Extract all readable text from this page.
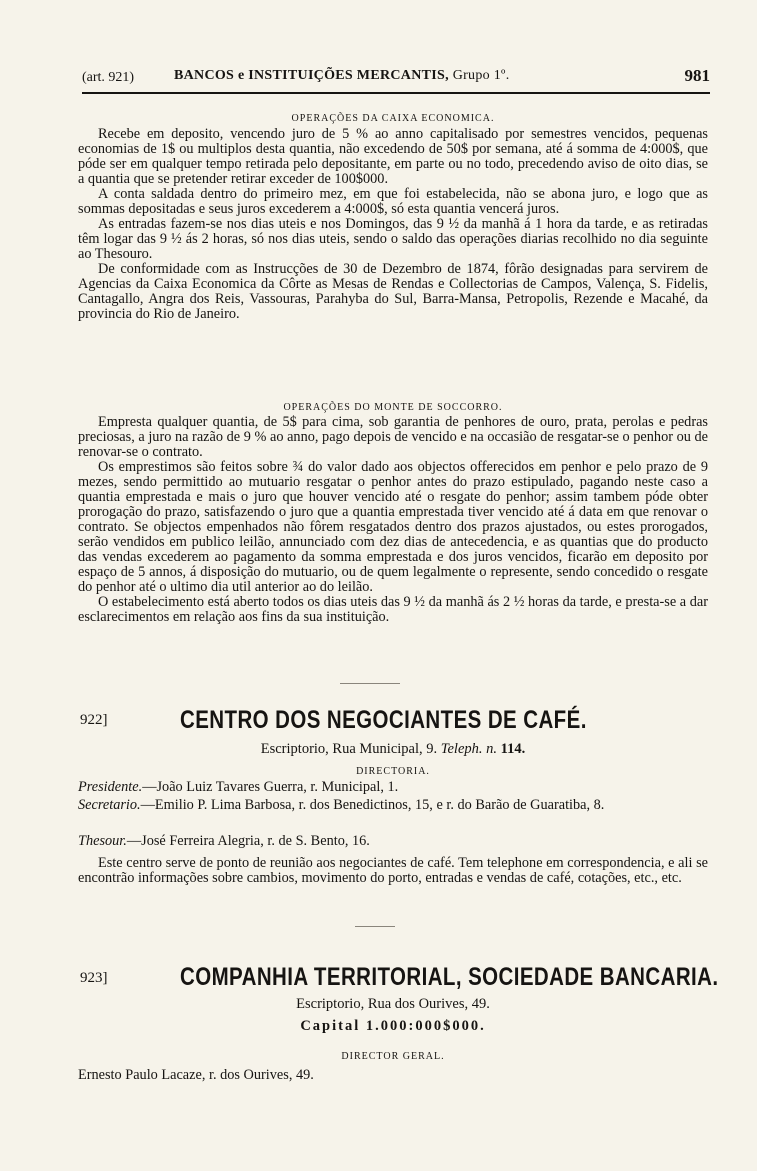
(art. 921)	BANCOS e INSTITUIÇÕES MERCANTIS, Grupo 1º.	981
OPERAÇÕES DA CAIXA ECONOMICA.

Recebe em deposito, vencendo juro de 5 % ao anno capitalisado por semestres vencidos, pequenas economias de 1$ ou multiplos desta quantia, não excedendo de 50$ por semana, até á somma de 4:000$, que póde ser em qualquer tempo retirada pelo depositante, em parte ou no todo, precedendo aviso de oito dias, se a quantia que se pretender retirar exceder de 100$000.

A conta saldada dentro do primeiro mez, em que foi estabelecida, não se abona juro, e logo que as sommas depositadas e seus juros excederem a 4:000$, só esta quantia vencerá juros.

As entradas fazem-se nos dias uteis e nos Domingos, das 9 ½ da manhã á 1 hora da tarde, e as retiradas têm logar das 9 ½ ás 2 horas, só nos dias uteis, sendo o saldo das operações diarias recolhido no dia seguinte ao Thesouro.

De conformidade com as Instrucções de 30 de Dezembro de 1874, fôrão designadas para servirem de Agencias da Caixa Economica da Côrte as Mesas de Rendas e Collectorias de Campos, Valença, S. Fidelis, Cantagallo, Angra dos Reis, Vassouras, Parahyba do Sul, Barra-Mansa, Petropolis, Rezende e Macahé, da provincia do Rio de Janeiro.

OPERAÇÕES DO MONTE DE SOCCORRO.

Empresta qualquer quantia, de 5$ para cima, sob garantia de penhores de ouro, prata, perolas e pedras preciosas, a juro na razão de 9 % ao anno, pago depois de vencido e na occasião de resgatar-se o penhor ou de renovar-se o contrato.

Os emprestimos são feitos sobre ¾ do valor dado aos objectos offerecidos em penhor e pelo prazo de 9 mezes, sendo permittido ao mutuario resgatar o penhor antes do prazo estipulado, pagando neste caso a quantia emprestada e mais o juro que houver vencido até o resgate do penhor; assim tambem póde obter prorogação do prazo, satisfazendo o juro que a quantia emprestada tiver vencido até á data em que renovar o contrato. Se objectos empenhados não fôrem resgatados dentro dos prazos ajustados, ou estes prorogados, serão vendidos em publico leilão, annunciado com dez dias de antecedencia, e as quantias que do producto das vendas excederem ao pagamento da somma emprestada e dos juros vencidos, ficarão em deposito por espaço de 5 annos, á disposição do mutuario, ou de quem legalmente o represente, sendo concedido o resgate do penhor até o ultimo dia util anterior ao do leilão.

O estabelecimento está aberto todos os dias uteis das 9 ½ da manhã ás 2 ½ horas da tarde, e presta-se a dar esclarecimentos em relação aos fins da sua instituição.

922]	CENTRO DOS NEGOCIANTES DE CAFÉ.
Escriptorio, Rua Municipal, 9. Teleph. n. 114.
DIRECTORIA.
Presidente.—João Luiz Tavares Guerra, r. Municipal, 1.
Secretario.—Emilio P. Lima Barbosa, r. dos Benedictinos, 15, e r. do Barão de Guaratiba, 8.
Thesour.—José Ferreira Alegria, r. de S. Bento, 16.

Este centro serve de ponto de reunião aos negociantes de café. Tem telephone em correspondencia, e ali se encontrão informações sobre cambios, movimento do porto, entradas e vendas de café, cotações, etc., etc.

923]	COMPANHIA TERRITORIAL, SOCIEDADE BANCARIA.
Escriptorio, Rua dos Ourives, 49.
Capital 1.000:000$000.
DIRECTOR GERAL.
Ernesto Paulo Lacaze, r. dos Ourives, 49.
